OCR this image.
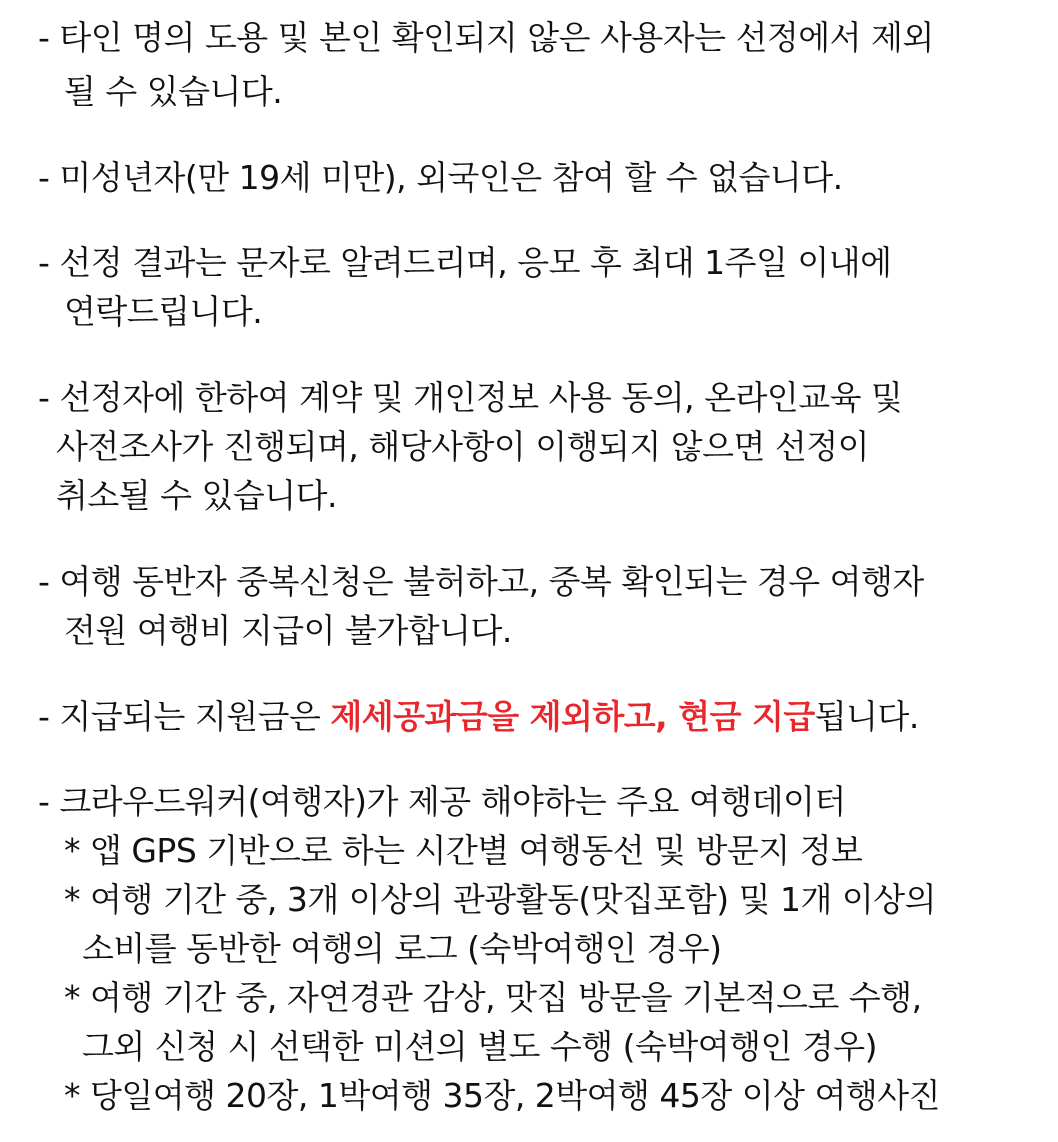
- 타인 명의 도용 및 본인 확인되지 않은 사용자는 선정에서 제외
될 수 있습니다.
- 미성년자(만 19세 미만), 외국인은 참여 할 수 없습니다.
- 선정 결과는 문자로 알려드리며, 응모 후 최대 1주일 이내에
연락드립니다.
- 선정자에 한하여 계약 및 개인정보 사용 동의, 온라인교육 및
사전조사가 진행되며, 해당사항이 이행되지 않으면 선정이
취소될 수 있습니다.
- 여행 동반자 중복신청은 불허하고, 중복 확인되는 경우 여행자
전원 여행비 지급이 불가합니다.
- 지급되는 지원금은 제세공과금을 제외하고, 현금 지급됩니다.
- 크라우드워커(여행자)가 제공 해야하는 주요 여행데이터
* 앱 GPS 기반으로 하는 시간별 여행동선 및 방문지 정보
* 여행 기간 중, 3개 이상의 관광활동(맛집포함) 및 1개 이상의
소비를 동반한 여행의 로그 (숙박여행인 경우)
* 여행 기간 중, 자연경관 감상, 맛집 방문을 기본적으로 수행,
그외 신청 시 선택한 미션의 별도 수행 (숙박여행인 경우)
* 당일여행 20장, 1박여행 35장, 2박여행 45장 이상 여행사진
